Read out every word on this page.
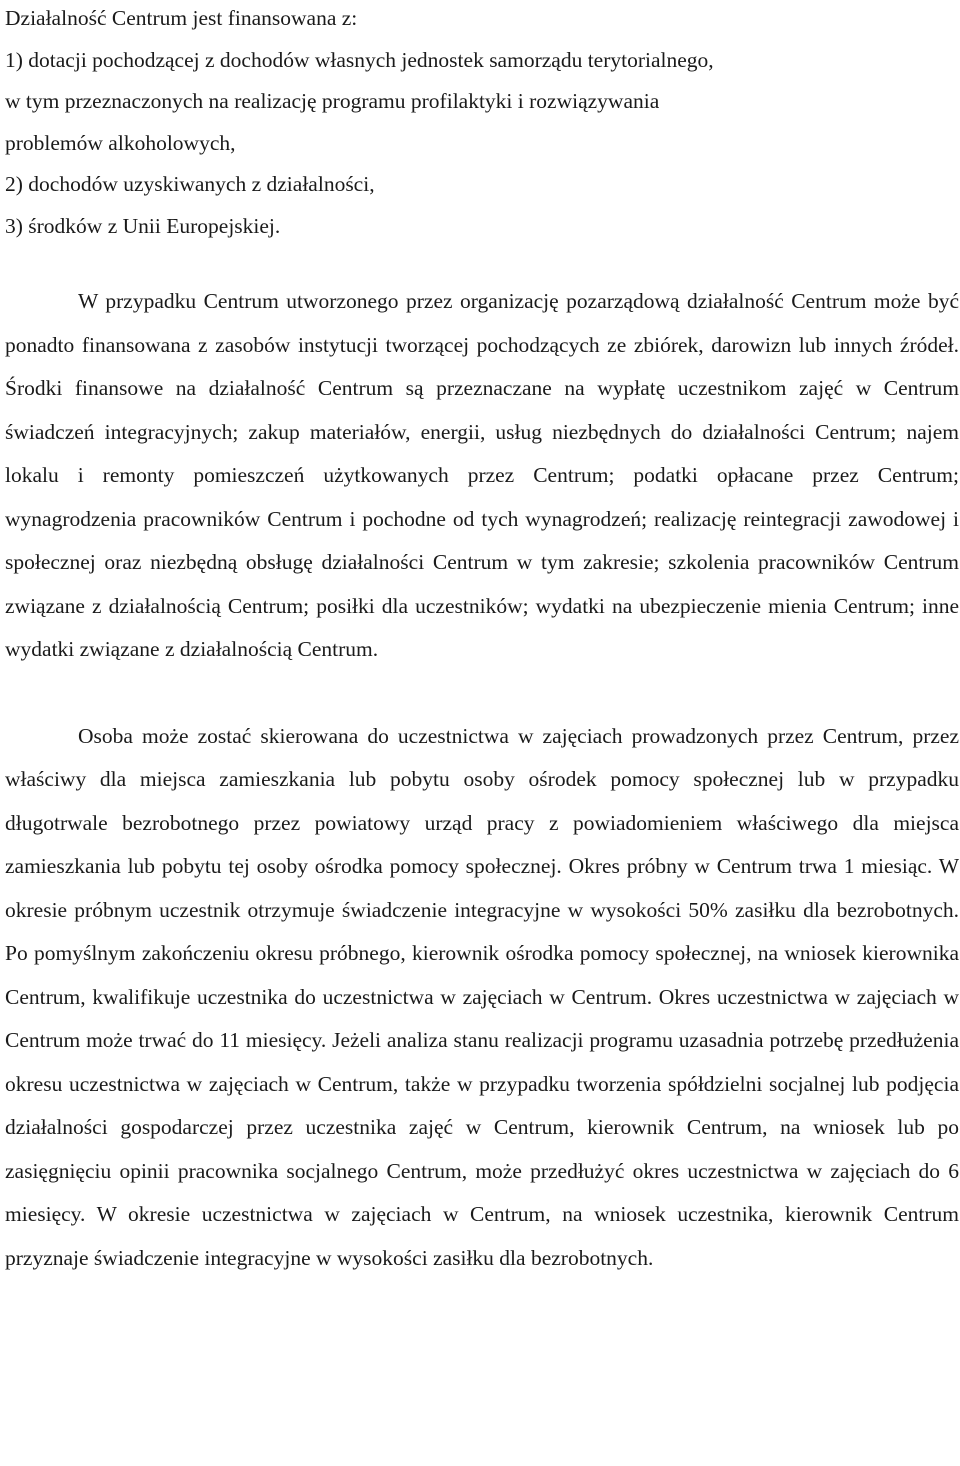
Działalność Centrum jest finansowana z:
1) dotacji pochodzącej z dochodów własnych jednostek samorządu terytorialnego,
w tym przeznaczonych na realizację programu profilaktyki i rozwiązywania
problemów alkoholowych,
2) dochodów uzyskiwanych z działalności,
3) środków z Unii Europejskiej.

W przypadku Centrum utworzonego przez organizację pozarządową działalność Centrum może być ponadto finansowana z zasobów instytucji tworzącej pochodzących ze zbiórek, darowizn lub innych źródeł. Środki finansowe na działalność Centrum są przeznaczane na wypłatę uczestnikom zajęć w Centrum świadczeń integracyjnych; zakup materiałów, energii, usług niezbędnych do działalności Centrum; najem lokalu i remonty pomieszczeń użytkowanych przez Centrum; podatki opłacane przez Centrum; wynagrodzenia pracowników Centrum i pochodne od tych wynagrodzeń; realizację reintegracji zawodowej i społecznej oraz niezbędną obsługę działalności Centrum w tym zakresie; szkolenia pracowników Centrum związane z działalnością Centrum; posiłki dla uczestników; wydatki na ubezpieczenie mienia Centrum; inne wydatki związane z działalnością Centrum.

Osoba może zostać skierowana do uczestnictwa w zajęciach prowadzonych przez Centrum, przez właściwy dla miejsca zamieszkania lub pobytu osoby ośrodek pomocy społecznej lub w przypadku długotrwale bezrobotnego przez powiatowy urząd pracy z powiadomieniem właściwego dla miejsca zamieszkania lub pobytu tej osoby ośrodka pomocy społecznej. Okres próbny w Centrum trwa 1 miesiąc. W okresie próbnym uczestnik otrzymuje świadczenie integracyjne w wysokości 50% zasiłku dla bezrobotnych. Po pomyślnym zakończeniu okresu próbnego, kierownik ośrodka pomocy społecznej, na wniosek kierownika Centrum, kwalifikuje uczestnika do uczestnictwa w zajęciach w Centrum. Okres uczestnictwa w zajęciach w Centrum może trwać do 11 miesięcy. Jeżeli analiza stanu realizacji programu uzasadnia potrzebę przedłużenia okresu uczestnictwa w zajęciach w Centrum, także w przypadku tworzenia spółdzielni socjalnej lub podjęcia działalności gospodarczej przez uczestnika zajęć w Centrum, kierownik Centrum, na wniosek lub po zasięgnięciu opinii pracownika socjalnego Centrum, może przedłużyć okres uczestnictwa w zajęciach do 6 miesięcy. W okresie uczestnictwa w zajęciach w Centrum, na wniosek uczestnika, kierownik Centrum przyznaje świadczenie integracyjne w wysokości zasiłku dla bezrobotnych.
